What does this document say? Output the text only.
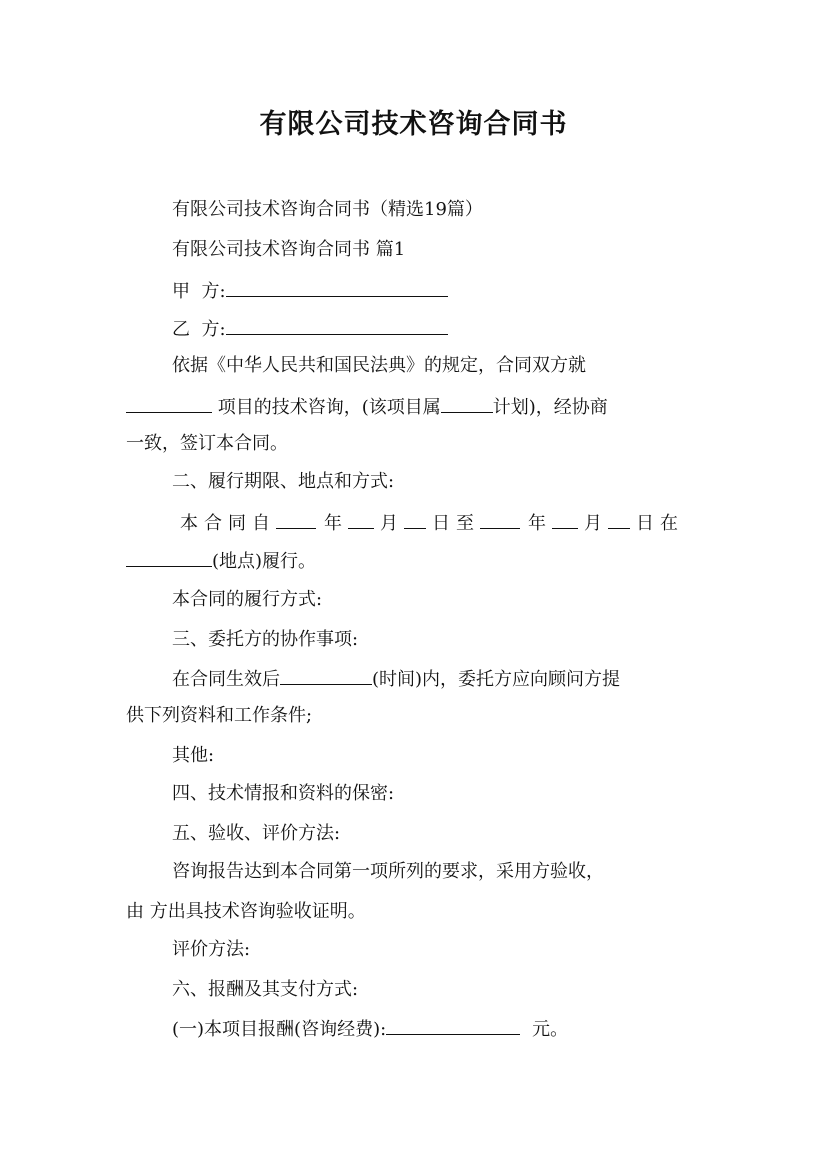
有限公司技术咨询合同书
有限公司技术咨询合同书（精选19篇）
有限公司技术咨询合同书 篇1
甲  方:
乙  方:
依据《中华人民共和国民法典》的规定，合同双方就
项目的技术咨询，(该项目属	计划)，经协商
一致，签订本合同。
二、履行期限、地点和方式:
本合同自	年 月 日至	年 月 日在
(地点)履行。
本合同的履行方式:
三、委托方的协作事项:
在合同生效后	(时间)内，委托方应向顾问方提
供下列资料和工作条件;
其他:
四、技术情报和资料的保密:
五、验收、评价方法:
咨询报告达到本合同第一项所列的要求，采用方验收，
由 方出具技术咨询验收证明。
评价方法:
六、报酬及其支付方式:
(一)本项目报酬(咨询经费):	元。
